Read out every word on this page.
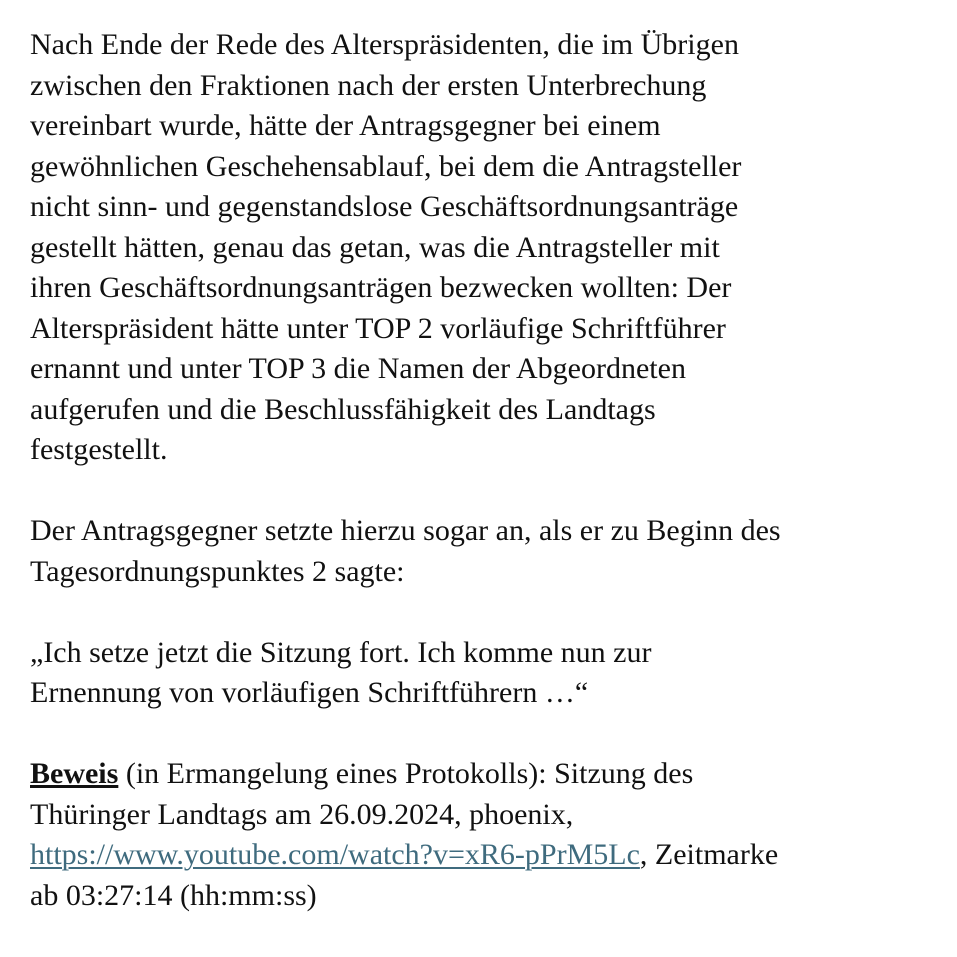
Nach Ende der Rede des Alterspräsidenten, die im Übrigen
zwischen den Fraktionen nach der ersten Unterbrechung
vereinbart wurde, hätte der Antragsgegner bei einem
gewöhnlichen Geschehensablauf, bei dem die Antragsteller
nicht sinn- und gegenstandslose Geschäftsordnungsanträge
gestellt hätten, genau das getan, was die Antragsteller mit
ihren Geschäftsordnungsanträgen bezwecken wollten: Der
Alterspräsident hätte unter TOP 2 vorläufige Schriftführer
ernannt und unter TOP 3 die Namen der Abgeordneten
aufgerufen und die Beschlussfähigkeit des Landtags
festgestellt.

Der Antragsgegner setzte hierzu sogar an, als er zu Beginn des
Tagesordnungspunktes 2 sagte:

„Ich setze jetzt die Sitzung fort. Ich komme nun zur
Ernennung von vorläufigen Schriftführern …“

Beweis (in Ermangelung eines Protokolls): Sitzung des
Thüringer Landtags am 26.09.2024, phoenix,
https://www.youtube.com/watch?v=xR6-pPrM5Lc, Zeitmarke
ab 03:27:14 (hh:mm:ss)
